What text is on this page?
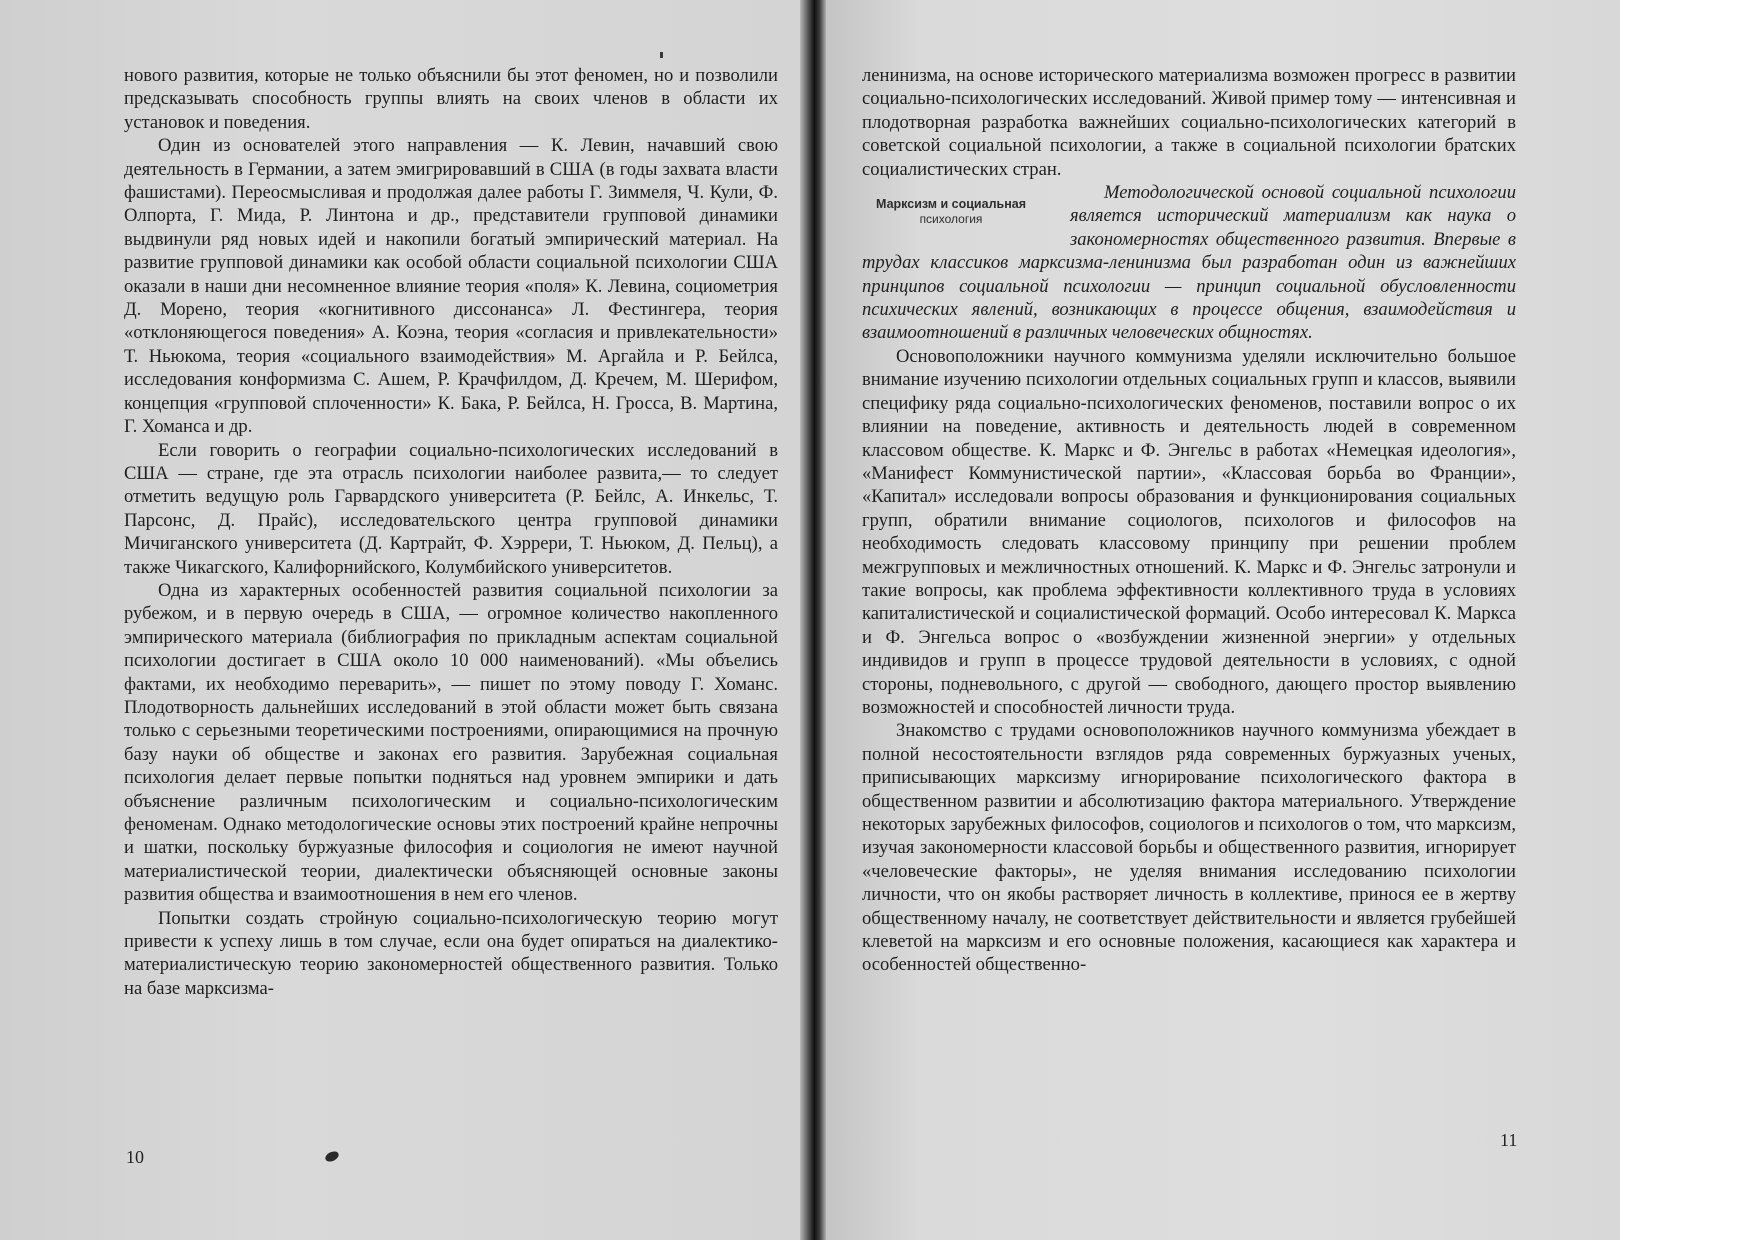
нового развития, которые не только объяснили бы этот феномен, но и позволили предсказывать способность группы влиять на своих членов в области их установок и поведения.

Один из основателей этого направления — К. Левин, начавший свою деятельность в Германии, а затем эмигрировавший в США (в годы захвата власти фашистами). Переосмысливая и продолжая далее работы Г. Зиммеля, Ч. Кули, Ф. Олпорта, Г. Мида, Р. Линтона и др., представители групповой динамики выдвинули ряд новых идей и накопили богатый эмпирический материал. На развитие групповой динамики как особой области социальной психологии США оказали в наши дни несомненное влияние теория «поля» К. Левина, социометрия Д. Морено, теория «когнитивного диссонанса» Л. Фестингера, теория «отклоняющегося поведения» А. Коэна, теория «согласия и привлекательности» Т. Ньюкома, теория «социального взаимодействия» М. Аргайла и Р. Бейлса, исследования конформизма С. Ашем, Р. Крачфилдом, Д. Кречем, М. Шерифом, концепция «групповой сплоченности» К. Бака, Р. Бейлса, Н. Гросса, В. Мартина, Г. Хоманса и др.

Если говорить о географии социально-психологических исследований в США — стране, где эта отрасль психологии наиболее развита,— то следует отметить ведущую роль Гарвардского университета (Р. Бейлс, А. Инкельс, Т. Парсонс, Д. Прайс), исследовательского центра групповой динамики Мичиганского университета (Д. Картрайт, Ф. Хэррери, Т. Ньюком, Д. Пельц), а также Чикагского, Калифорнийского, Колумбийского университетов.

Одна из характерных особенностей развития социальной психологии за рубежом, и в первую очередь в США, — огромное количество накопленного эмпирического материала (библиография по прикладным аспектам социальной психологии достигает в США около 10 000 наименований). «Мы объелись фактами, их необходимо переварить», — пишет по этому поводу Г. Хоманс. Плодотворность дальнейших исследований в этой области может быть связана только с серьезными теоретическими построениями, опирающимися на прочную базу науки об обществе и законах его развития. Зарубежная социальная психология делает первые попытки подняться над уровнем эмпирики и дать объяснение различным психологическим и социально-психологическим феноменам. Однако методологические основы этих построений крайне непрочны и шатки, поскольку буржуазные философия и социология не имеют научной материалистической теории, диалектически объясняющей основные законы развития общества и взаимоотношения в нем его членов.

Попытки создать стройную социально-психологическую теорию могут привести к успеху лишь в том случае, если она будет опираться на диалектико-материалистическую теорию закономерностей общественного развития. Только на базе марксизма-

ленинизма, на основе исторического материализма возможен прогресс в развитии социально-психологических исследований. Живой пример тому — интенсивная и плодотворная разработка важнейших социально-психологических категорий в советской социальной психологии, а также в социальной психологии братских социалистических стран.

Марксизм и социальная
психология

Методологической основой социальной психологии является исторический материализм как наука о закономерностях общественного развития. Впервые в трудах классиков марксизма-ленинизма был разработан один из важнейших принципов социальной психологии — принцип социальной обусловленности психических явлений, возникающих в процессе общения, взаимодействия и взаимоотношений в различных человеческих общностях.

Основоположники научного коммунизма уделяли исключительно большое внимание изучению психологии отдельных социальных групп и классов, выявили специфику ряда социально-психологических феноменов, поставили вопрос о их влиянии на поведение, активность и деятельность людей в современном классовом обществе. К. Маркс и Ф. Энгельс в работах «Немецкая идеология», «Манифест Коммунистической партии», «Классовая борьба во Франции», «Капитал» исследовали вопросы образования и функционирования социальных групп, обратили внимание социологов, психологов и философов на необходимость следовать классовому принципу при решении проблем межгрупповых и межличностных отношений. К. Маркс и Ф. Энгельс затронули и такие вопросы, как проблема эффективности коллективного труда в условиях капиталистической и социалистической формаций. Особо интересовал К. Маркса и Ф. Энгельса вопрос о «возбуждении жизненной энергии» у отдельных индивидов и групп в процессе трудовой деятельности в условиях, с одной стороны, подневольного, с другой — свободного, дающего простор выявлению возможностей и способностей личности труда.

Знакомство с трудами основоположников научного коммунизма убеждает в полной несостоятельности взглядов ряда современных буржуазных ученых, приписывающих марксизму игнорирование психологического фактора в общественном развитии и абсолютизацию фактора материального. Утверждение некоторых зарубежных философов, социологов и психологов о том, что марксизм, изучая закономерности классовой борьбы и общественного развития, игнорирует «человеческие факторы», не уделяя внимания исследованию психологии личности, что он якобы растворяет личность в коллективе, принося ее в жертву общественному началу, не соответствует действительности и является грубейшей клеветой на марксизм и его основные положения, касающиеся как характера и особенностей общественно-

10
11
